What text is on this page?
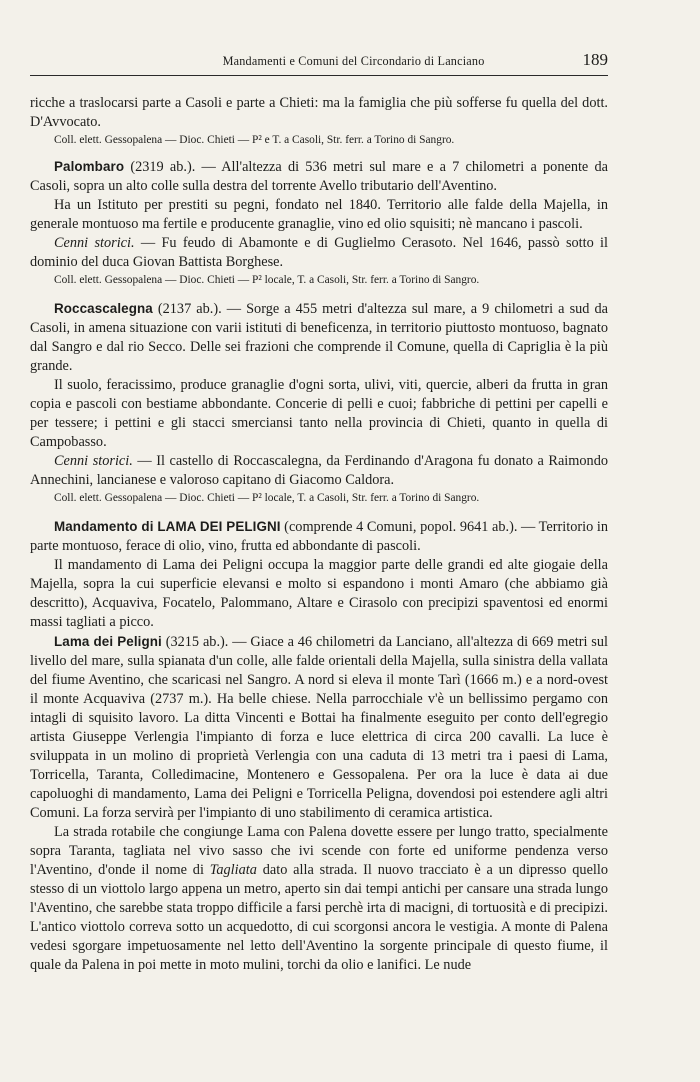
Mandamenti e Comuni del Circondario di Lanciano	189

ricche a traslocarsi parte a Casoli e parte a Chieti: ma la famiglia che più sofferse fu quella del dott. D'Avvocato.

Coll. elett. Gessopalena — Dioc. Chieti — P² e T. a Casoli, Str. ferr. a Torino di Sangro.

Palombaro (2319 ab.). — All'altezza di 536 metri sul mare e a 7 chilometri a ponente da Casoli, sopra un alto colle sulla destra del torrente Avello tributario dell'Aventino.

Ha un Istituto per prestiti su pegni, fondato nel 1840. Territorio alle falde della Majella, in generale montuoso ma fertile e producente granaglie, vino ed olio squisiti; nè mancano i pascoli.

Cenni storici. — Fu feudo di Abamonte e di Guglielmo Cerasoto. Nel 1646, passò sotto il dominio del duca Giovan Battista Borghese.

Coll. elett. Gessopalena — Dioc. Chieti — P² locale, T. a Casoli, Str. ferr. a Torino di Sangro.

Roccascalegna (2137 ab.). — Sorge a 455 metri d'altezza sul mare, a 9 chilometri a sud da Casoli, in amena situazione con varii istituti di beneficenza, in territorio piuttosto montuoso, bagnato dal Sangro e dal rio Secco. Delle sei frazioni che comprende il Comune, quella di Capriglia è la più grande.

Il suolo, feracissimo, produce granaglie d'ogni sorta, ulivi, viti, quercie, alberi da frutta in gran copia e pascoli con bestiame abbondante. Concerie di pelli e cuoi; fabbriche di pettini per capelli e per tessere; i pettini e gli stacci smerciansi tanto nella provincia di Chieti, quanto in quella di Campobasso.

Cenni storici. — Il castello di Roccascalegna, da Ferdinando d'Aragona fu donato a Raimondo Annechini, lancianese e valoroso capitano di Giacomo Caldora.

Coll. elett. Gessopalena — Dioc. Chieti — P² locale, T. a Casoli, Str. ferr. a Torino di Sangro.

Mandamento di LAMA DEI PELIGNI (comprende 4 Comuni, popol. 9641 ab.). — Territorio in parte montuoso, ferace di olio, vino, frutta ed abbondante di pascoli.

Il mandamento di Lama dei Peligni occupa la maggior parte delle grandi ed alte giogaie della Majella, sopra la cui superficie elevansi e molto si espandono i monti Amaro (che abbiamo già descritto), Acquaviva, Focatelo, Palommano, Altare e Cirasolo con precipizi spaventosi ed enormi massi tagliati a picco.

Lama dei Peligni (3215 ab.). — Giace a 46 chilometri da Lanciano, all'altezza di 669 metri sul livello del mare, sulla spianata d'un colle, alle falde orientali della Majella, sulla sinistra della vallata del fiume Aventino, che scaricasi nel Sangro. A nord si eleva il monte Tarì (1666 m.) e a nord-ovest il monte Acquaviva (2737 m.). Ha belle chiese. Nella parrocchiale v'è un bellissimo pergamo con intagli di squisito lavoro. La ditta Vincenti e Bottai ha finalmente eseguito per conto dell'egregio artista Giuseppe Verlengia l'impianto di forza e luce elettrica di circa 200 cavalli. La luce è sviluppata in un molino di proprietà Verlengia con una caduta di 13 metri tra i paesi di Lama, Torricella, Taranta, Colledimacine, Montenero e Gessopalena. Per ora la luce è data ai due capoluoghi di mandamento, Lama dei Peligni e Torricella Peligna, dovendosi poi estendere agli altri Comuni. La forza servirà per l'impianto di uno stabilimento di ceramica artistica.

La strada rotabile che congiunge Lama con Palena dovette essere per lungo tratto, specialmente sopra Taranta, tagliata nel vivo sasso che ivi scende con forte ed uniforme pendenza verso l'Aventino, d'onde il nome di Tagliata dato alla strada. Il nuovo tracciato è a un dipresso quello stesso di un viottolo largo appena un metro, aperto sin dai tempi antichi per cansare una strada lungo l'Aventino, che sarebbe stata troppo difficile a farsi perchè irta di macigni, di tortuosità e di precipizi. L'antico viottolo correva sotto un acquedotto, di cui scorgonsi ancora le vestigia. A monte di Palena vedesi sgorgare impetuosamente nel letto dell'Aventino la sorgente principale di questo fiume, il quale da Palena in poi mette in moto mulini, torchi da olio e lanifici. Le nude
